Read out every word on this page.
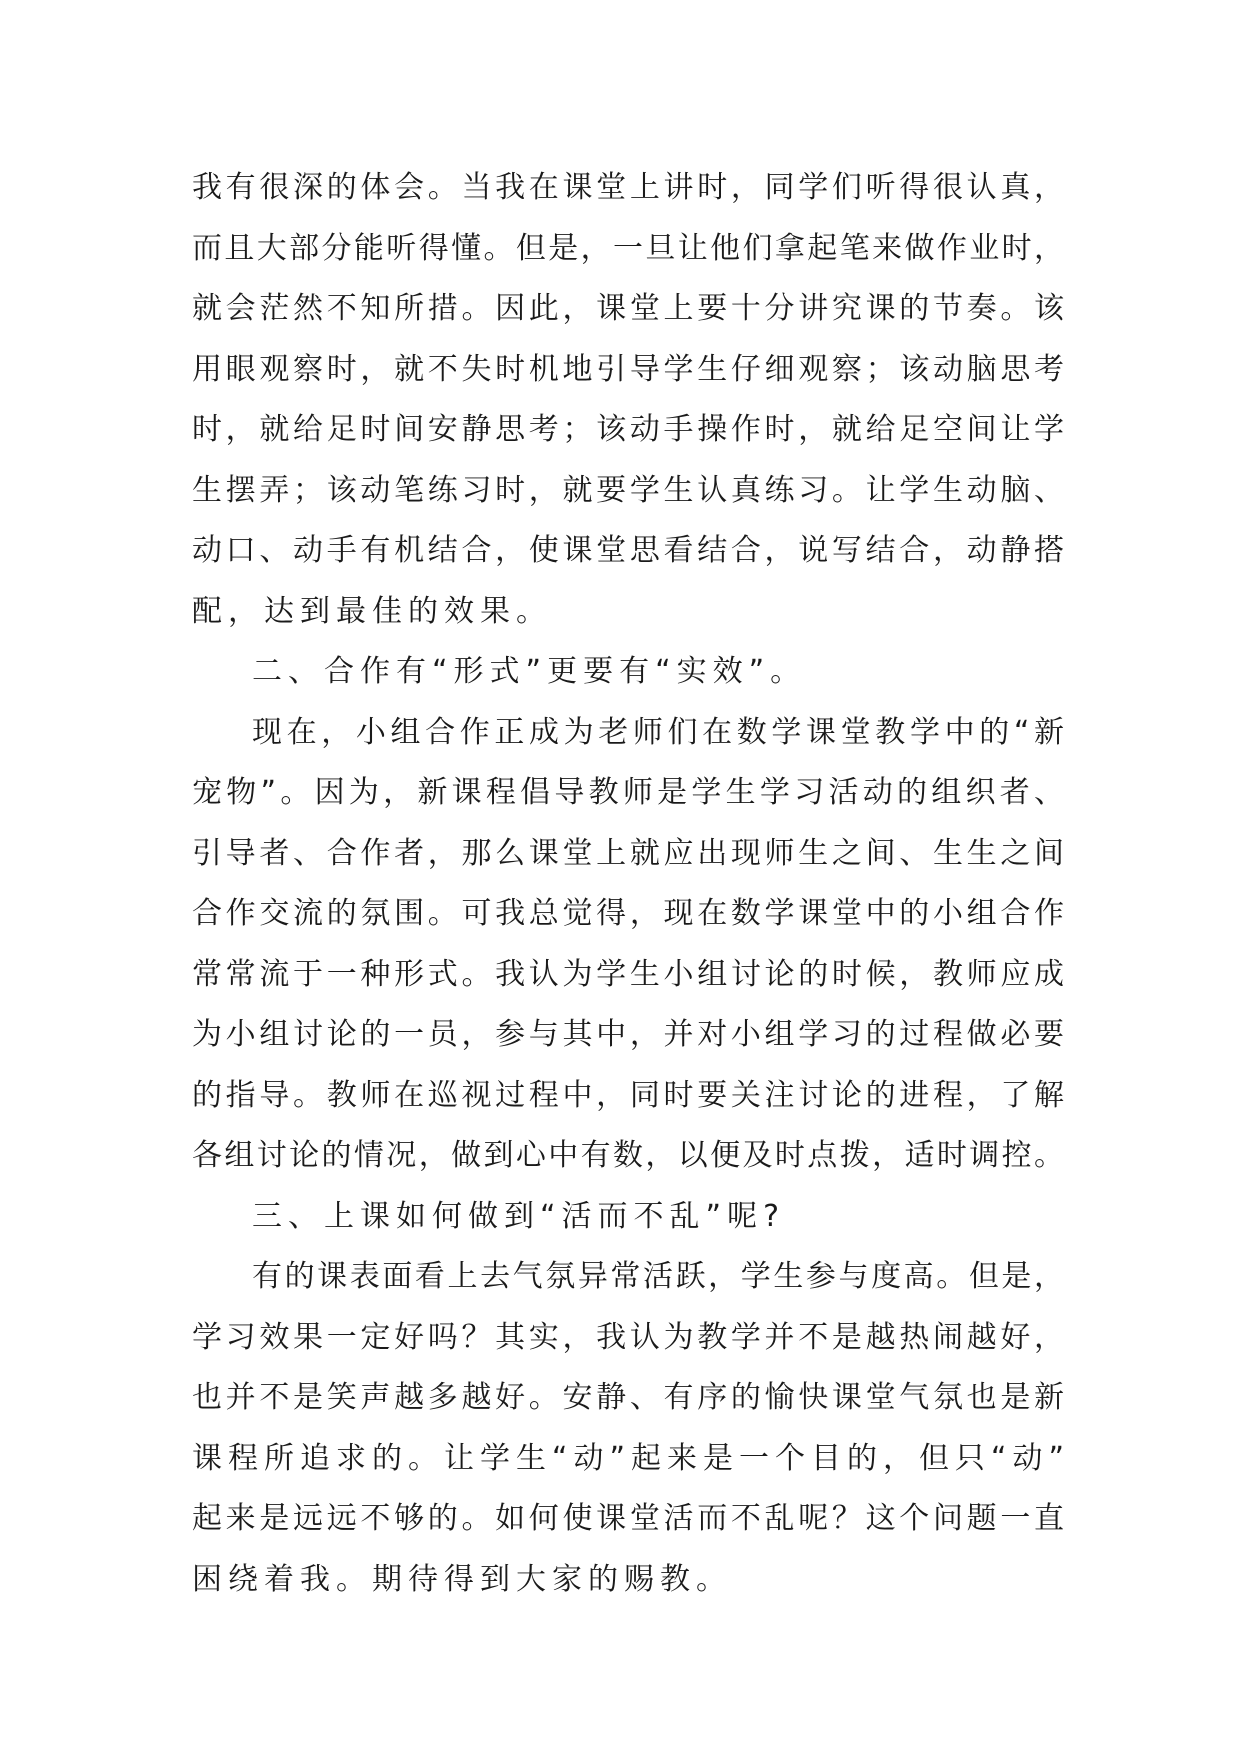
我有很深的体会。当我在课堂上讲时，同学们听得很认真，
而且大部分能听得懂。但是，一旦让他们拿起笔来做作业时，
就会茫然不知所措。因此，课堂上要十分讲究课的节奏。该
用眼观察时，就不失时机地引导学生仔细观察；该动脑思考
时，就给足时间安静思考；该动手操作时，就给足空间让学
生摆弄；该动笔练习时，就要学生认真练习。让学生动脑、
动口、动手有机结合，使课堂思看结合，说写结合，动静搭
配，达到最佳的效果。
二、合作有“形式”更要有“实效”。
现在，小组合作正成为老师们在数学课堂教学中的“新
宠物”。因为，新课程倡导教师是学生学习活动的组织者、
引导者、合作者，那么课堂上就应出现师生之间、生生之间
合作交流的氛围。可我总觉得，现在数学课堂中的小组合作
常常流于一种形式。我认为学生小组讨论的时候，教师应成
为小组讨论的一员，参与其中，并对小组学习的过程做必要
的指导。教师在巡视过程中，同时要关注讨论的进程，了解
各组讨论的情况，做到心中有数，以便及时点拨，适时调控。
三、上课如何做到“活而不乱”呢?
有的课表面看上去气氛异常活跃，学生参与度高。但是，
学习效果一定好吗？其实，我认为教学并不是越热闹越好，
也并不是笑声越多越好。安静、有序的愉快课堂气氛也是新
课程所追求的。让学生“动”起来是一个目的，但只“动”
起来是远远不够的。如何使课堂活而不乱呢？这个问题一直
困绕着我。期待得到大家的赐教。
